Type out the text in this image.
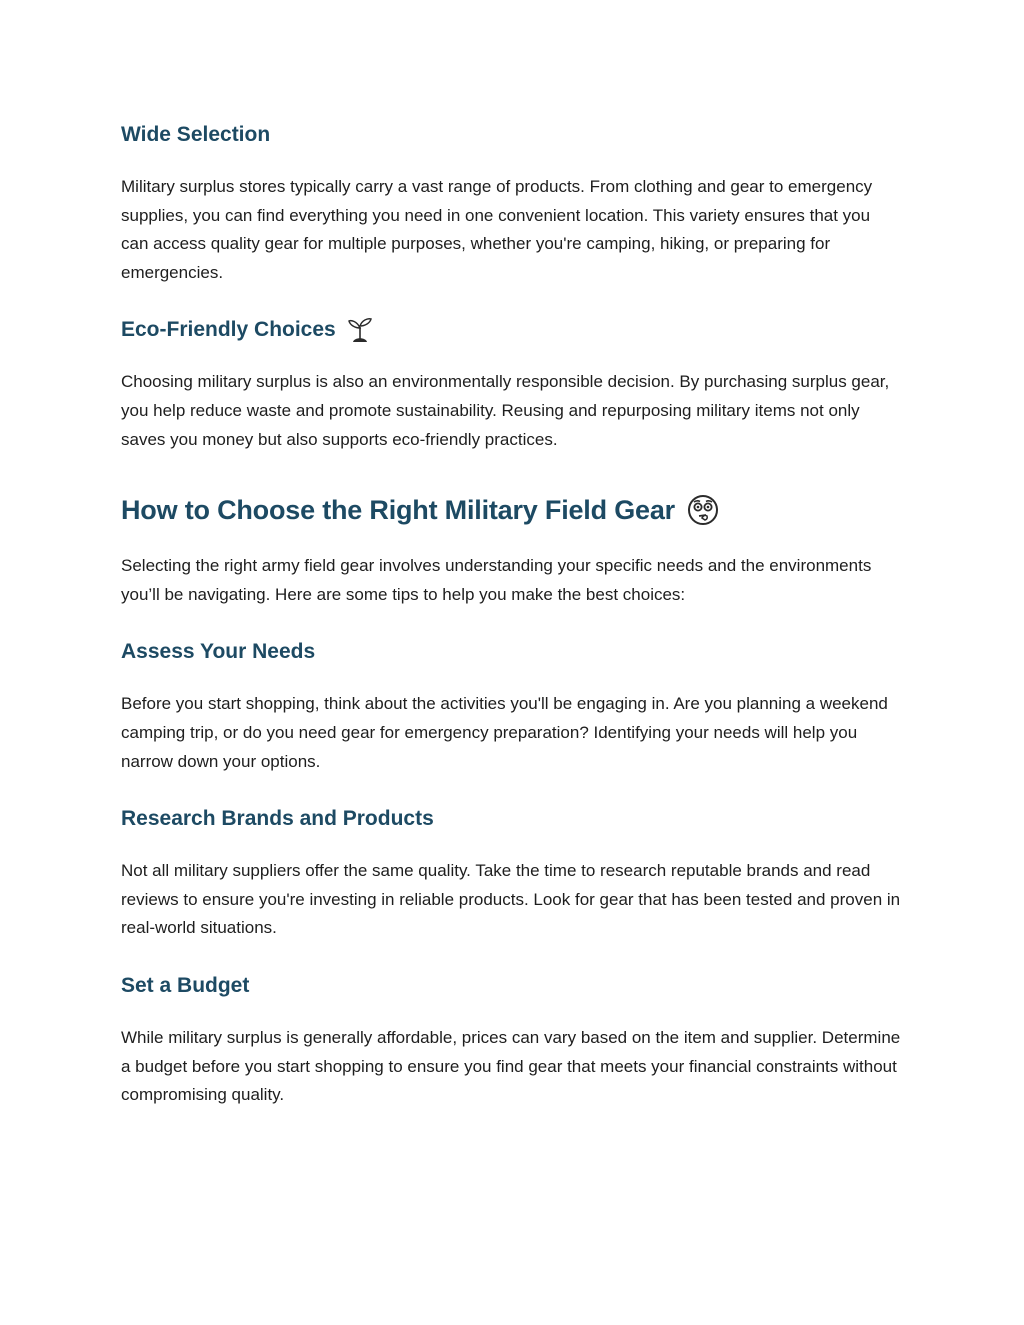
Wide Selection

Military surplus stores typically carry a vast range of products. From clothing and gear to emergency supplies, you can find everything you need in one convenient location. This variety ensures that you can access quality gear for multiple purposes, whether you're camping, hiking, or preparing for emergencies.

Eco-Friendly Choices

Choosing military surplus is also an environmentally responsible decision. By purchasing surplus gear, you help reduce waste and promote sustainability. Reusing and repurposing military items not only saves you money but also supports eco-friendly practices.

How to Choose the Right Military Field Gear

Selecting the right army field gear involves understanding your specific needs and the environments you’ll be navigating. Here are some tips to help you make the best choices:

Assess Your Needs

Before you start shopping, think about the activities you'll be engaging in. Are you planning a weekend camping trip, or do you need gear for emergency preparation? Identifying your needs will help you narrow down your options.

Research Brands and Products

Not all military suppliers offer the same quality. Take the time to research reputable brands and read reviews to ensure you're investing in reliable products. Look for gear that has been tested and proven in real-world situations.

Set a Budget

While military surplus is generally affordable, prices can vary based on the item and supplier. Determine a budget before you start shopping to ensure you find gear that meets your financial constraints without compromising quality.
